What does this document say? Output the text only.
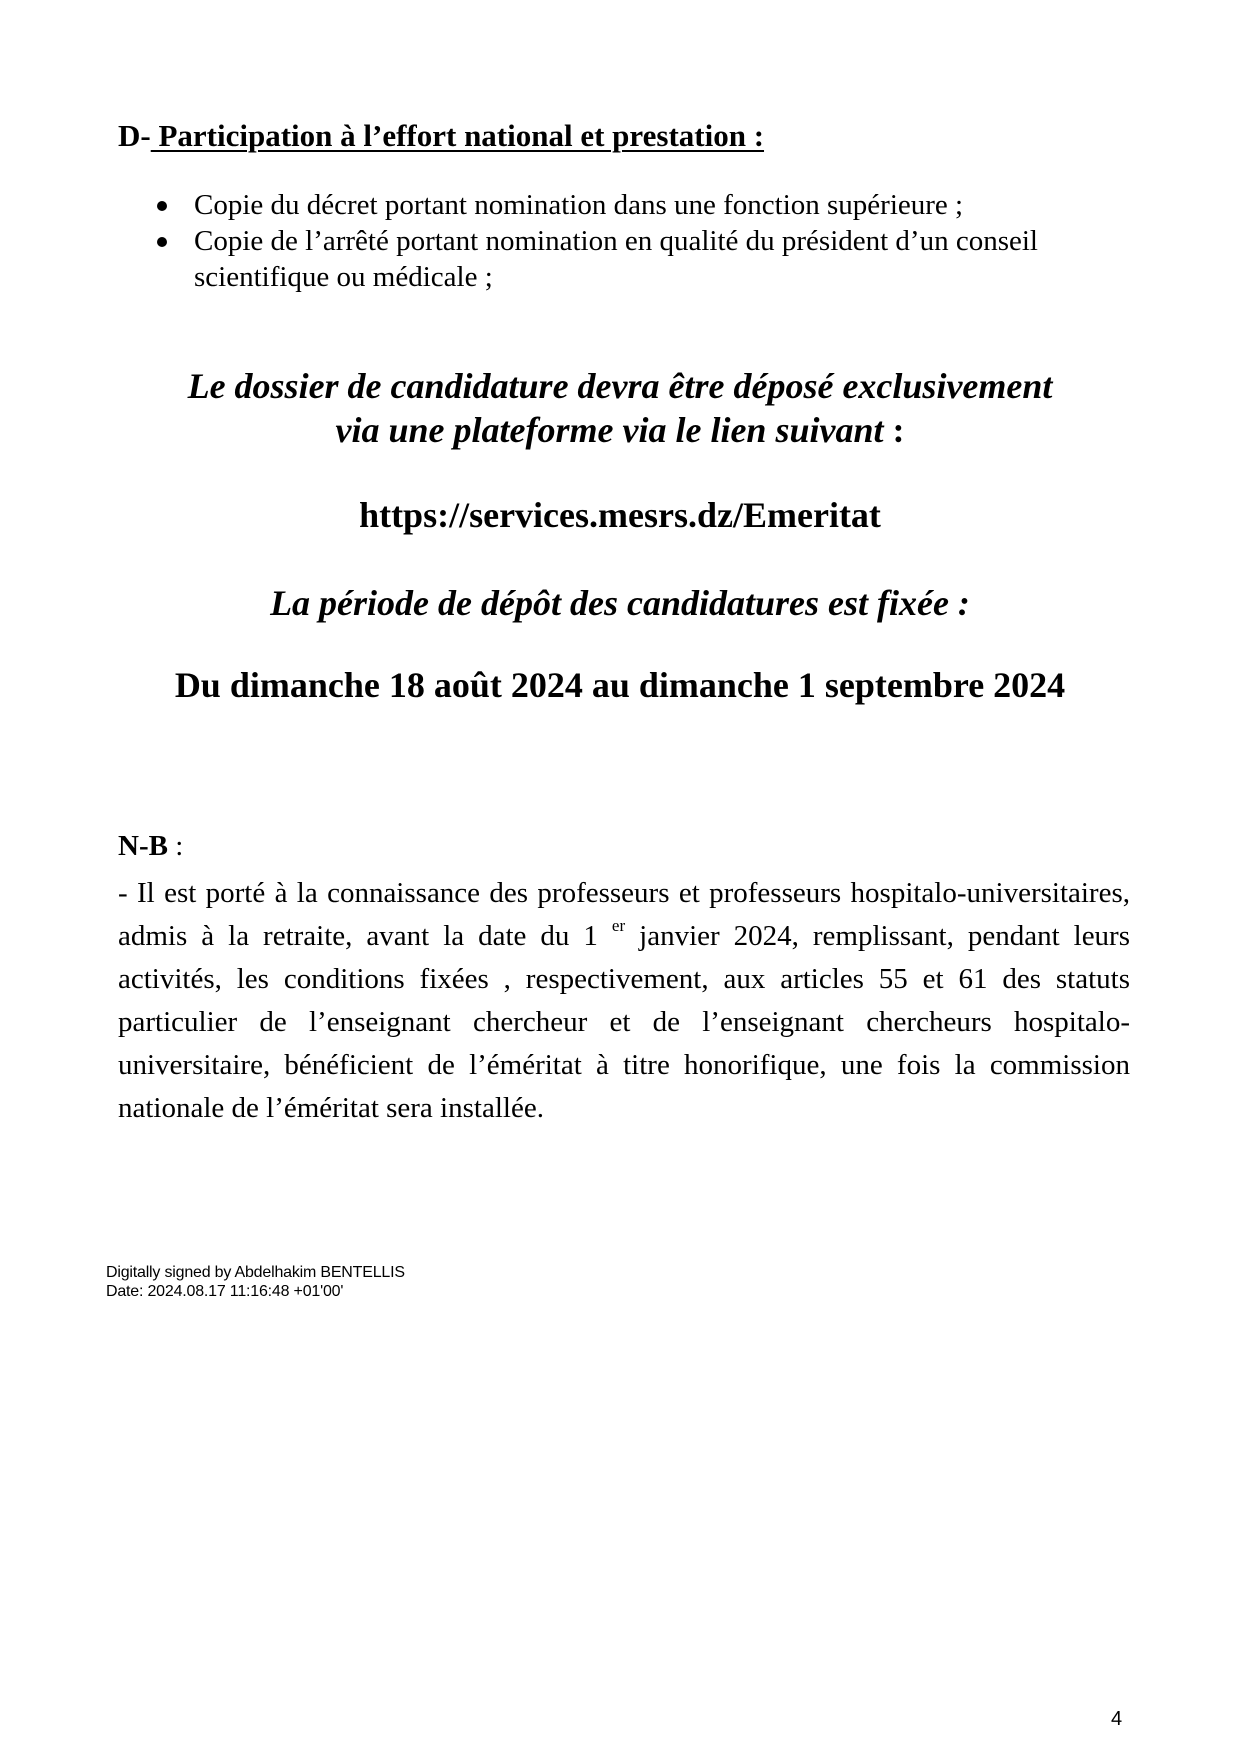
D- Participation à l’effort national et prestation :
Copie du décret portant nomination dans une fonction supérieure ;
Copie de l’arrêté portant nomination en qualité du président d’un conseil scientifique ou médicale ;
Le dossier de candidature devra être déposé exclusivement
via une plateforme via le lien suivant :
https://services.mesrs.dz/Emeritat
La période de dépôt des candidatures est fixée :
Du dimanche 18 août 2024 au dimanche 1 septembre 2024
N-B :

- Il est porté à la connaissance des professeurs et professeurs hospitalo-universitaires, admis à la retraite, avant la date du 1 $^{er}$ janvier 2024, remplissant, pendant leurs activités, les conditions fixées , respectivement, aux articles 55 et 61 des statuts particulier de l’enseignant chercheur et de l’enseignant chercheurs hospitalo-universitaire, bénéficient de l’éméritat à titre honorifique, une fois la commission nationale de l’éméritat sera installée.

Digitally signed by Abdelhakim BENTELLIS
Date: 2024.08.17 11:16:48 +01'00'
4
